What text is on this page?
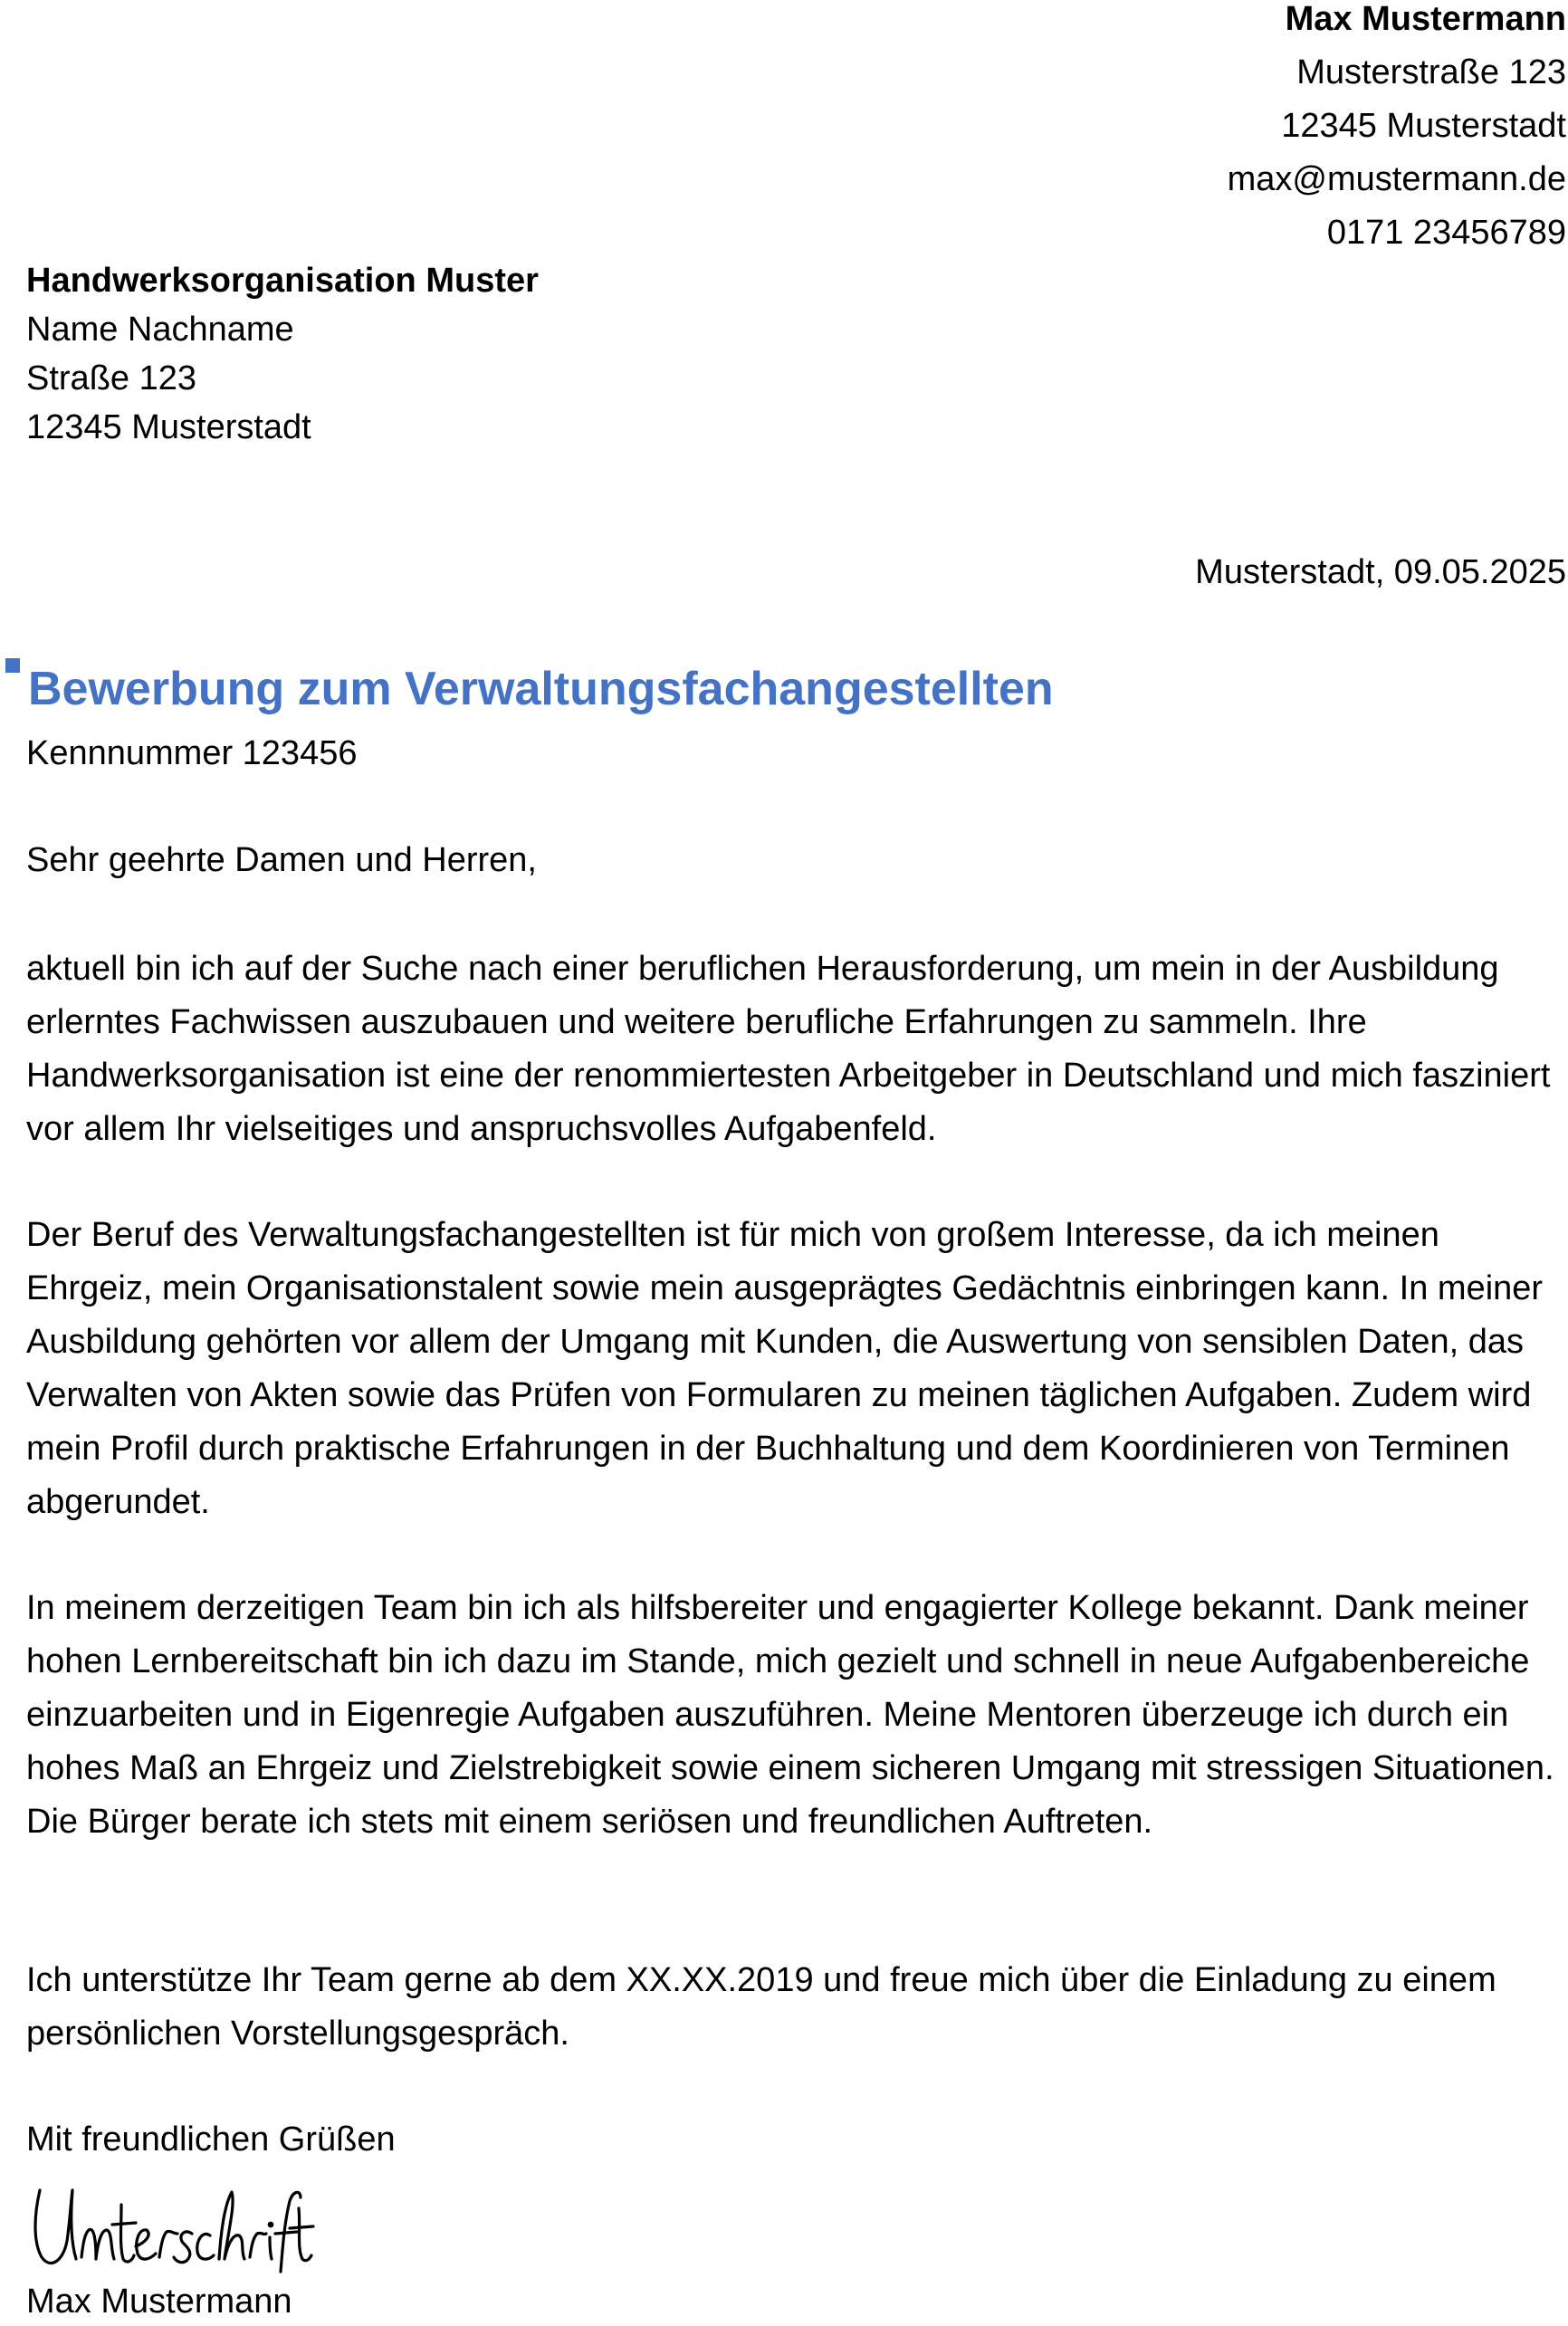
Max Mustermann
Musterstraße 123
12345 Musterstadt
max@mustermann.de
0171 23456789
Handwerksorganisation Muster
Name Nachname
Straße 123
12345 Musterstadt
Musterstadt, 09.05.2025
Bewerbung zum Verwaltungsfachangestellten
Kennnummer 123456
Sehr geehrte Damen und Herren,

aktuell bin ich auf der Suche nach einer beruflichen Herausforderung, um mein in der Ausbildung erlerntes Fachwissen auszubauen und weitere berufliche Erfahrungen zu sammeln. Ihre Handwerksorganisation ist eine der renommiertesten Arbeitgeber in Deutschland und mich fasziniert vor allem Ihr vielseitiges und anspruchsvolles Aufgabenfeld.

Der Beruf des Verwaltungsfachangestellten ist für mich von großem Interesse, da ich meinen Ehrgeiz, mein Organisationstalent sowie mein ausgeprägtes Gedächtnis einbringen kann. In meiner Ausbildung gehörten vor allem der Umgang mit Kunden, die Auswertung von sensiblen Daten, das Verwalten von Akten sowie das Prüfen von Formularen zu meinen täglichen Aufgaben. Zudem wird mein Profil durch praktische Erfahrungen in der Buchhaltung und dem Koordinieren von Terminen abgerundet.

In meinem derzeitigen Team bin ich als hilfsbereiter und engagierter Kollege bekannt. Dank meiner hohen Lernbereitschaft bin ich dazu im Stande, mich gezielt und schnell in neue Aufgabenbereiche einzuarbeiten und in Eigenregie Aufgaben auszuführen. Meine Mentoren überzeuge ich durch ein hohes Maß an Ehrgeiz und Zielstrebigkeit sowie einem sicheren Umgang mit stressigen Situationen. Die Bürger berate ich stets mit einem seriösen und freundlichen Auftreten.

Ich unterstütze Ihr Team gerne ab dem XX.XX.2019 und freue mich über die Einladung zu einem persönlichen Vorstellungsgespräch.

Mit freundlichen Grüßen
Max Mustermann
